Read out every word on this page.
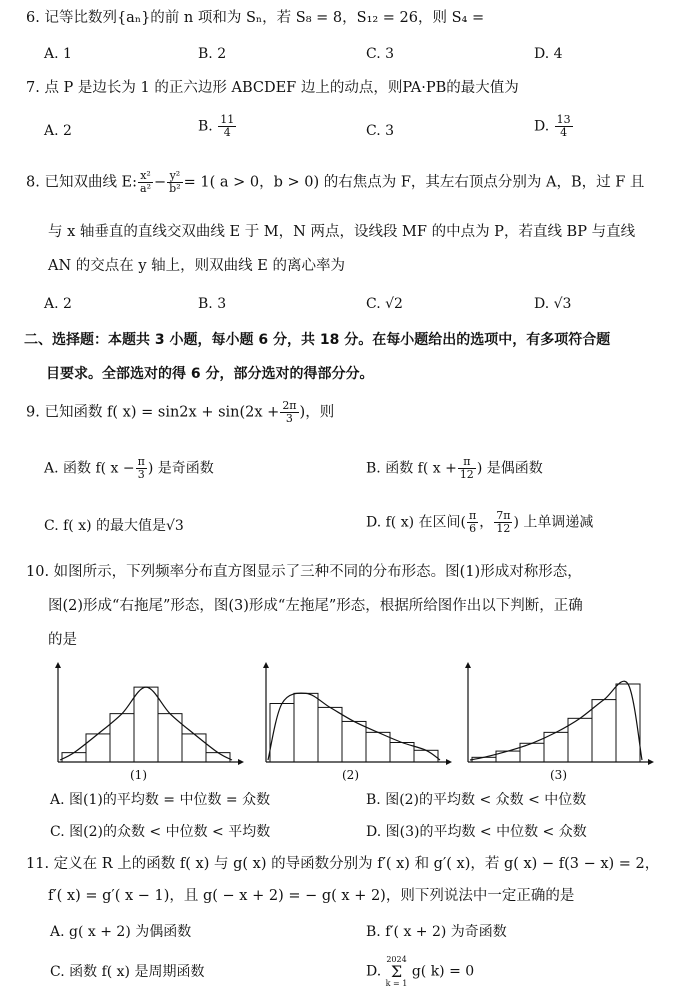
6. 记等比数列{aₙ}的前 n 项和为 Sₙ，若 S₈ = 8，S₁₂ = 26，则 S₄ =
A. 1	B. 2	C. 3	D. 4
7. 点 P 是边长为 1 的正六边形 ABCDEF 边上的动点，则PA·PB的最大值为
A. 2	B. $\frac{11}{4}$	C. 3	D. $\frac{13}{4}$
8. 已知双曲线 E: $\frac{\text{x²}}{\text{a²}} - \frac{\text{y²}}{\text{b²}} = 1$( a > 0，b > 0) 的右焦点为 F，其左右顶点分别为 A，B，过 F 且
与 x 轴垂直的直线交双曲线 E 于 M，N 两点，设线段 MF 的中点为 P，若直线 BP 与直线
AN 的交点在 y 轴上，则双曲线 E 的离心率为
A. 2	B. 3	C. √2	D. √3
二、选择题：本题共 3 小题，每小题 6 分，共 18 分。在每小题给出的选项中，有多项符合题
目要求。全部选对的得 6 分，部分选对的得部分分。
9. 已知函数 f( $x) = \sin 2x + \sin(2x + \frac{2\pi}{3}$ )，则
A. 函数 f( $x - \frac{\pi}{3}$ ) 是奇函数	B. 函数 f( $x + \frac{\pi}{12}$ ) 是偶函数
C. f( x) 的最大值是√3	D. f( x) 在区间( $\frac{\pi}{6}$ ， $\frac{7\pi}{12}$ ) 上单调递减
10. 如图所示，下列频率分布直方图显示了三种不同的分布形态。图(1)形成对称形态，
图(2)形成“右拖尾”形态，图(3)形成“左拖尾”形态，根据所给图作出以下判断，正确
的是
(1)	(2)	(3)
A. 图(1)的平均数 = 中位数 = 众数	B. 图(2)的平均数 < 众数 < 中位数
C. 图(2)的众数 < 中位数 < 平均数	D. 图(3)的平均数 < 中位数 < 众数
11. 定义在 R 上的函数 f( x) 与 g( x) 的导函数分别为 f′( x) 和 g′( x)，若 g( x) − f(3 − x) = 2，
f′( x) = g′( x − 1)，且 g( − x + 2) = − g( x + 2)，则下列说法中一定正确的是
A. g( x + 2) 为偶函数	B. f′( x + 2) 为奇函数
C. 函数 f( x) 是周期函数	D.
2024
Σ
k = 1
g( k) = 0
